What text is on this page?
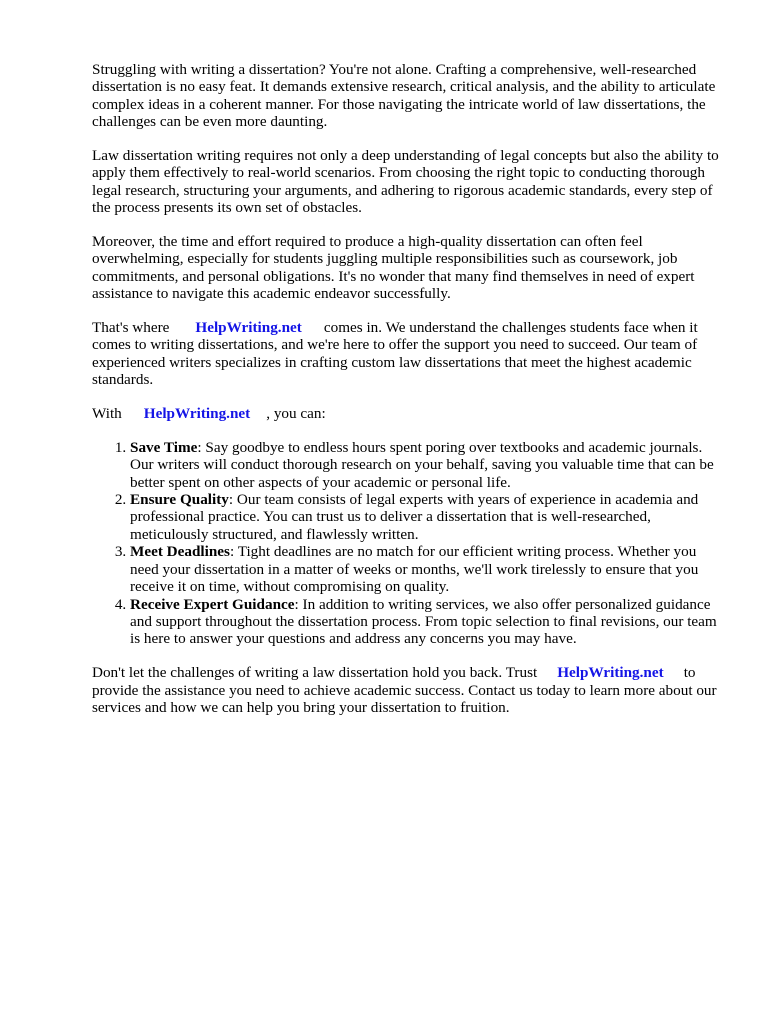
Struggling with writing a dissertation? You're not alone. Crafting a comprehensive, well-researched dissertation is no easy feat. It demands extensive research, critical analysis, and the ability to articulate complex ideas in a coherent manner. For those navigating the intricate world of law dissertations, the challenges can be even more daunting.

Law dissertation writing requires not only a deep understanding of legal concepts but also the ability to apply them effectively to real-world scenarios. From choosing the right topic to conducting thorough legal research, structuring your arguments, and adhering to rigorous academic standards, every step of the process presents its own set of obstacles.

Moreover, the time and effort required to produce a high-quality dissertation can often feel overwhelming, especially for students juggling multiple responsibilities such as coursework, job commitments, and personal obligations. It's no wonder that many find themselves in need of expert assistance to navigate this academic endeavor successfully.

That's where HelpWriting.net comes in. We understand the challenges students face when it comes to writing dissertations, and we're here to offer the support you need to succeed. Our team of experienced writers specializes in crafting custom law dissertations that meet the highest academic standards.

With HelpWriting.net , you can:

1. Save Time: Say goodbye to endless hours spent poring over textbooks and academic journals. Our writers will conduct thorough research on your behalf, saving you valuable time that can be better spent on other aspects of your academic or personal life.
2. Ensure Quality: Our team consists of legal experts with years of experience in academia and professional practice. You can trust us to deliver a dissertation that is well-researched, meticulously structured, and flawlessly written.
3. Meet Deadlines: Tight deadlines are no match for our efficient writing process. Whether you need your dissertation in a matter of weeks or months, we'll work tirelessly to ensure that you receive it on time, without compromising on quality.
4. Receive Expert Guidance: In addition to writing services, we also offer personalized guidance and support throughout the dissertation process. From topic selection to final revisions, our team is here to answer your questions and address any concerns you may have.

Don't let the challenges of writing a law dissertation hold you back. Trust HelpWriting.net to provide the assistance you need to achieve academic success. Contact us today to learn more about our services and how we can help you bring your dissertation to fruition.
